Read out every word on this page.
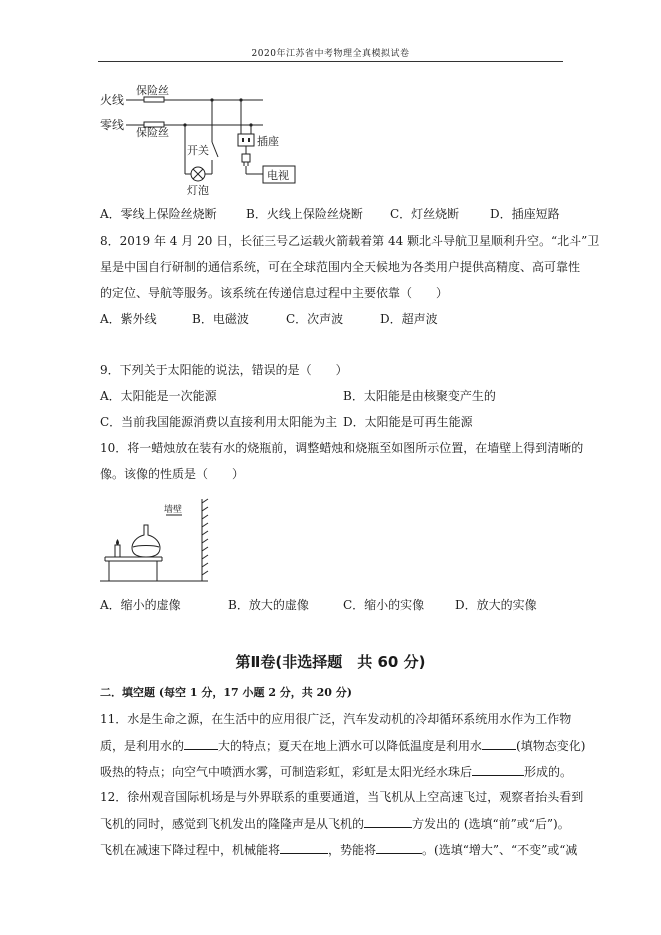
2020年江苏省中考物理全真模拟试卷
火线
零线
保险丝
保险丝
开关
灯泡
插座
电视
A．零线上保险丝烧断 B．火线上保险丝烧断 C．灯丝烧断	D．插座短路
8．2019 年 4 月 20 日，长征三号乙运载火箭载着第 44 颗北斗导航卫星顺利升空。“北斗”卫
星是中国自行研制的通信系统，可在全球范围内全天候地为各类用户提供高精度、高可靠性
的定位、导航等服务。该系统在传递信息过程中主要依靠（　　）
A．紫外线	B．电磁波	C．次声波	D．超声波
9．下列关于太阳能的说法，错误的是（　　）
A．太阳能是一次能源	B．太阳能是由核聚变产生的
C．当前我国能源消费以直接利用太阳能为主 D．太阳能是可再生能源
10．将一蜡烛放在装有水的烧瓶前，调整蜡烛和烧瓶至如图所示位置，在墙壁上得到清晰的
像。该像的性质是（　　）
墙壁
A．缩小的虚像	B．放大的虚像	C．缩小的实像	D．放大的实像
第Ⅱ卷(非选择题　共 60 分)
二．填空题 (每空 1 分，17 小题 2 分，共 20 分)
11．水是生命之源，在生活中的应用很广泛，汽车发动机的冷却循环系统用水作为工作物
质，是利用水的	大的特点；夏天在地上洒水可以降低温度是利用水	(填物态变化)
吸热的特点；向空气中喷洒水雾，可制造彩虹，彩虹是太阳光经水珠后	形成的。
12．徐州观音国际机场是与外界联系的重要通道，当飞机从上空高速飞过，观察者抬头看到
飞机的同时，感觉到飞机发出的隆隆声是从飞机的	方发出的 (选填“前”或“后”)。
飞机在减速下降过程中，机械能将	，势能将	。(选填“增大”、“不变”或“减
